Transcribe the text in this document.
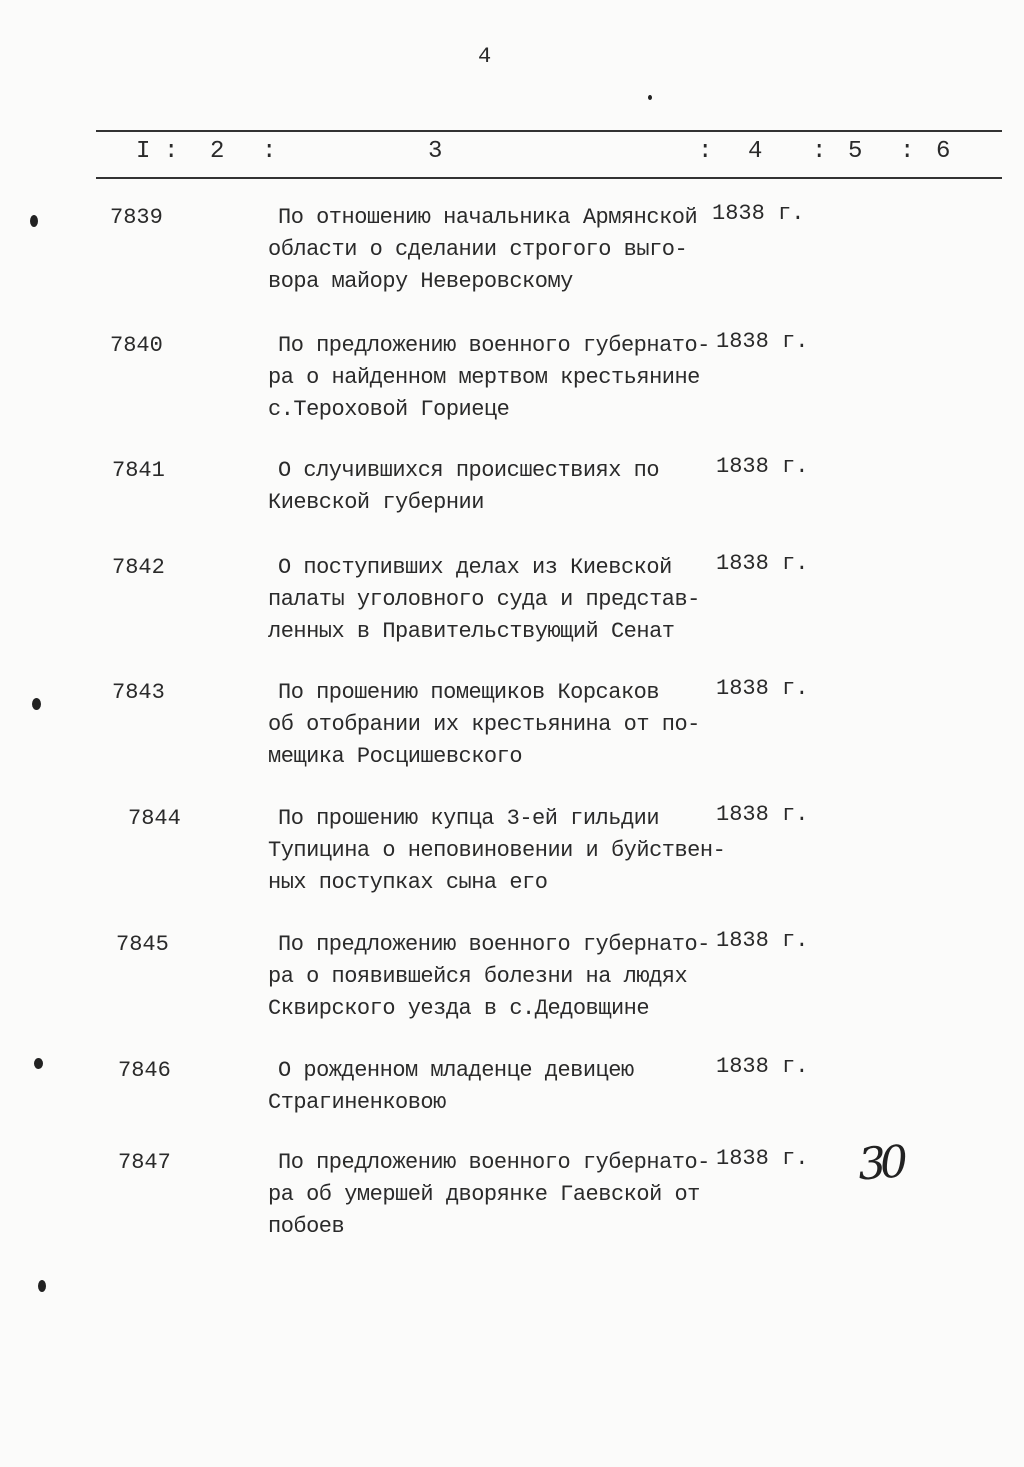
4
I : 2 :	3	: 4 : 5 : 6
7839	По отношению начальника Армянской
области о сделании строгого выго-
вора майору Неверовскому
1838 г.
7840	По предложению военного губернато-
ра о найденном мертвом крестьянине
с.Тероховой Гориеце
1838 г.
7841	О случившихся происшествиях по
Киевской губернии
1838 г.
7842	О поступивших делах из Киевской
палаты уголовного суда и представ-
ленных в Правительствующий Сенат
1838 г.
7843	По прошению помещиков Корсаков
об отобрании их крестьянина от по-
мещика Росцишевского
1838 г.
7844	По прошению купца 3-ей гильдии
Тупицина о неповиновении и буйствен-
ных поступках сына его
1838 г.
7845	По предложению военного губернато-
ра о появившейся болезни на людях
Сквирского уезда в с.Дедовщине
1838 г.
7846	О рожденном младенце девицею
Страгиненковою
1838 г.
7847	По предложению военного губернато-
ра об умершей дворянке Гаевской от
побоев
1838 г. 30
